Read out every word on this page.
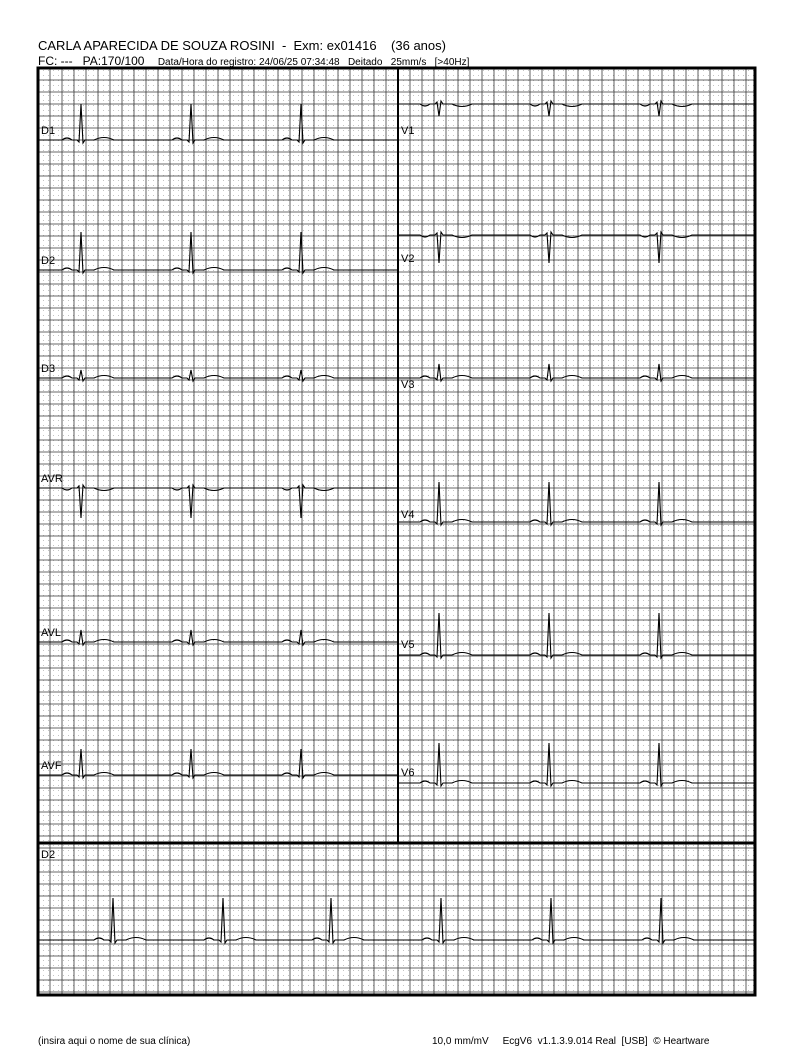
CARLA APARECIDA DE SOUZA ROSINI  -  Exm: ex01416    (36 anos)
FC: ---   PA:170/100 Data/Hora do registro: 24/06/25 07:34:48   Deitado   25mm/s   [>40Hz]
D1
D2
D3
AVR
AVL
AVF
V1
V2
V3
V4
V5
V6
D2
(insira aqui o nome de sua clínica)	10,0 mm/mV     EcgV6  v1.1.3.9.014 Real  [USB]  © Heartware
